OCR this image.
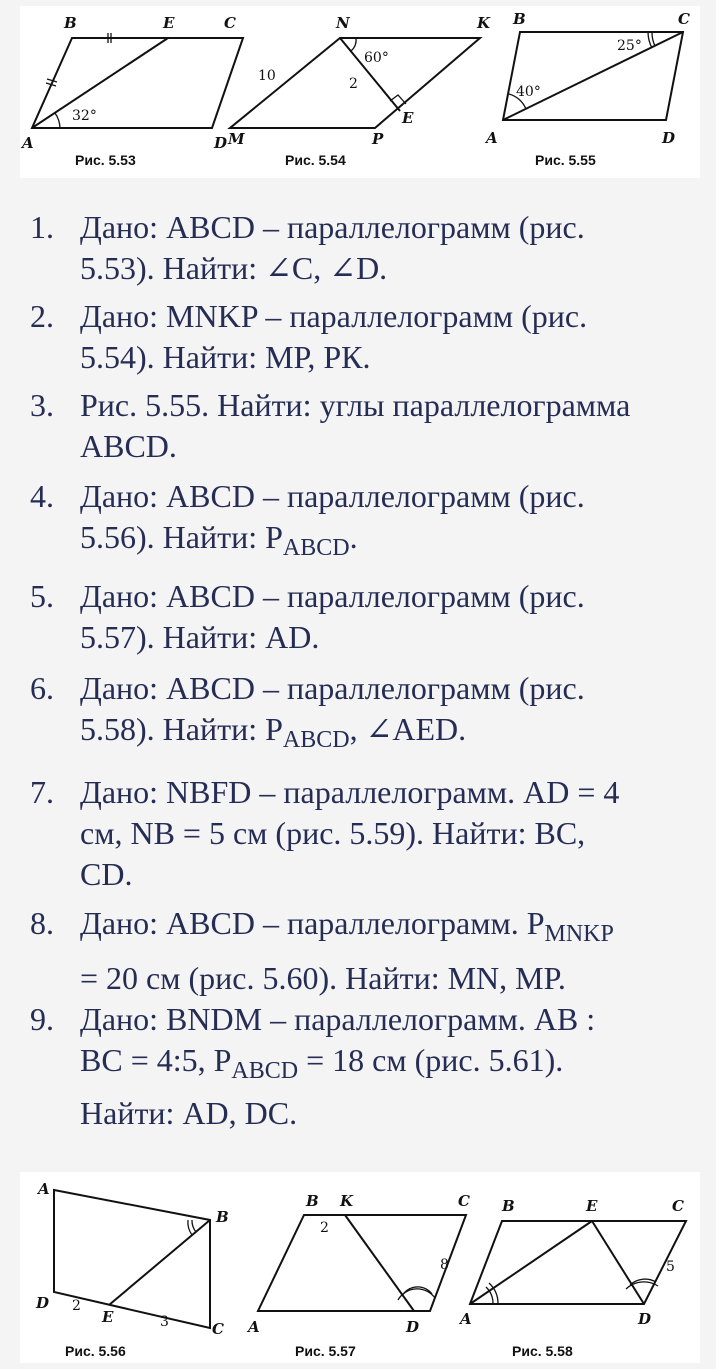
B	E	C
A	D
32°
Рис. 5.53
N	K
M	P
E
10	2
60°
Рис. 5.54
B	C
A	D
25°
40°
Рис. 5.55
1. Дано: ABCD – параллелограмм (рис.
5.53). Найти: ∠C, ∠D.
2. Дано: MNKP – параллелограмм (рис.
5.54). Найти: МР, РК.
3. Рис. 5.55. Найти: углы параллелограмма
ABCD.
4. Дано: ABCD – параллелограмм (рис.
5.56). Найти: $P_{ABCD}$.
5. Дано: ABCD – параллелограмм (рис.
5.57). Найти: AD.
6. Дано: ABCD – параллелограмм (рис.
5.58). Найти: $P_{ABCD}$, ∠AED.
7. Дано: NBFD – параллелограмм. AD = 4
см, NB = 5 см (рис. 5.59). Найти: BC,
CD.
8. Дано: ABCD – параллелограмм. $P_{MNKP}$
= 20 см (рис. 5.60). Найти: MN, MP.
9. Дано: BNDM – параллелограмм. AB :
BC = 4:5, $P_{ABCD} = 18$ см (рис. 5.61).
Найти: AD, DC.
A
B
D
E
C
2
3
Рис. 5.56
B K	C
A	D
2
8
Рис. 5.57
B	E	C
A	D
5
Рис. 5.58
